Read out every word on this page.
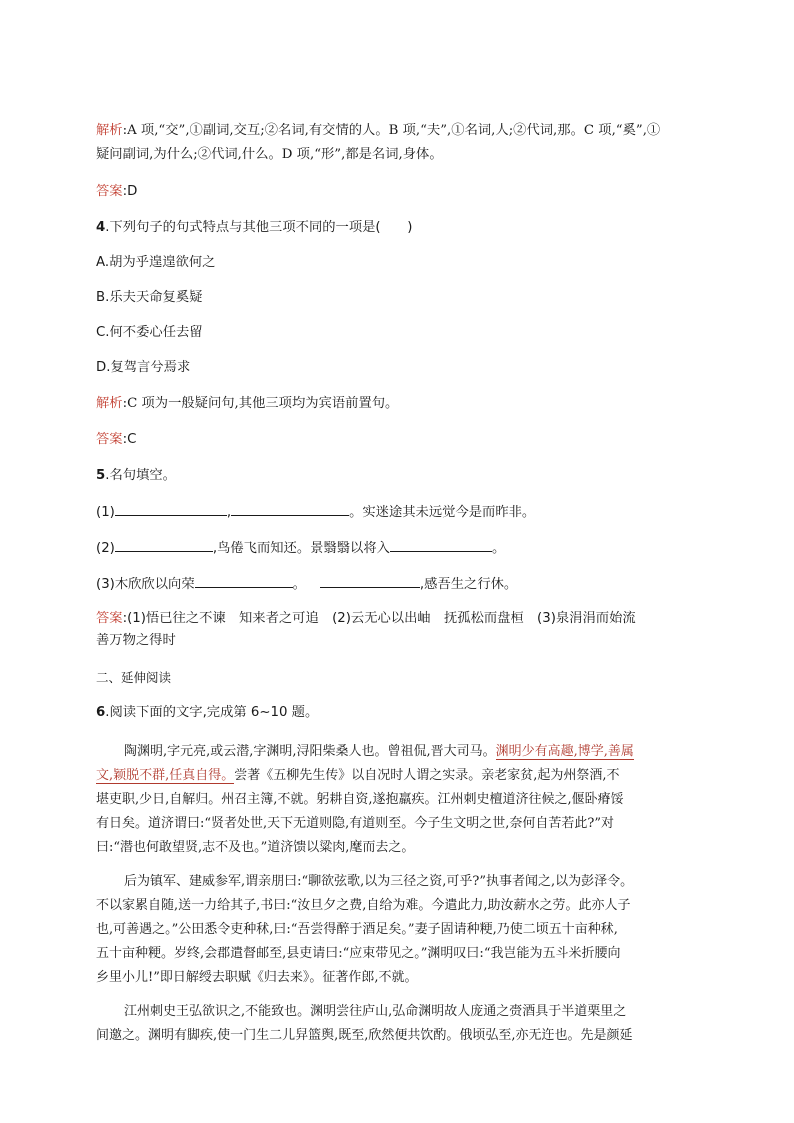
解析:A 项,“交”,①副词,交互;②名词,有交情的人。B 项,“夫”,①名词,人;②代词,那。C 项,“奚”,①
疑问副词,为什么;②代词,什么。D 项,“形”,都是名词,身体。
答案:D
4.下列句子的句式特点与其他三项不同的一项是(　　)
A.胡为乎遑遑欲何之
B.乐夫天命复奚疑
C.何不委心任去留
D.复驾言兮焉求
解析:C 项为一般疑问句,其他三项均为宾语前置句。
答案:C
5.名句填空。
(1)	,	。实迷途其未远觉今是而昨非。
(2)	,鸟倦飞而知还。景翳翳以将入	。
(3)木欣欣以向荣	。	,感吾生之行休。
答案:(1)悟已往之不谏　知来者之可追　(2)云无心以出岫　抚孤松而盘桓　(3)泉涓涓而始流
善万物之得时
二、延伸阅读
6.阅读下面的文字,完成第 6~10 题。
陶渊明,字元亮,或云潜,字渊明,浔阳柴桑人也。曾祖侃,晋大司马。渊明少有高趣,博学,善属
文,颖脱不群,任真自得。尝著《五柳先生传》以自况时人谓之实录。亲老家贫,起为州祭酒,不
堪吏职,少日,自解归。州召主簿,不就。躬耕自资,遂抱羸疾。江州刺史檀道济往候之,偃卧瘠馁
有日矣。道济谓曰:“贤者处世,天下无道则隐,有道则至。今子生文明之世,奈何自苦若此?”对
曰:“潜也何敢望贤,志不及也。”道济馈以粱肉,麾而去之。
后为镇军、建威参军,谓亲朋曰:“聊欲弦歌,以为三径之资,可乎?”执事者闻之,以为彭泽令。
不以家累自随,送一力给其子,书曰:“汝旦夕之费,自给为难。今遣此力,助汝薪水之劳。此亦人子
也,可善遇之。”公田悉令吏种秫,曰:“吾尝得醉于酒足矣。”妻子固请种粳,乃使二顷五十亩种秫,
五十亩种粳。岁终,会郡遣督邮至,县吏请曰:“应束带见之。”渊明叹曰:“我岂能为五斗米折腰向
乡里小儿!”即日解绶去职赋《归去来》。征著作郎,不就。
江州刺史王弘欲识之,不能致也。渊明尝往庐山,弘命渊明故人庞通之赍酒具于半道栗里之
间邀之。渊明有脚疾,使一门生二儿舁篮舆,既至,欣然便共饮酌。俄顷弘至,亦无迕也。先是颜延
